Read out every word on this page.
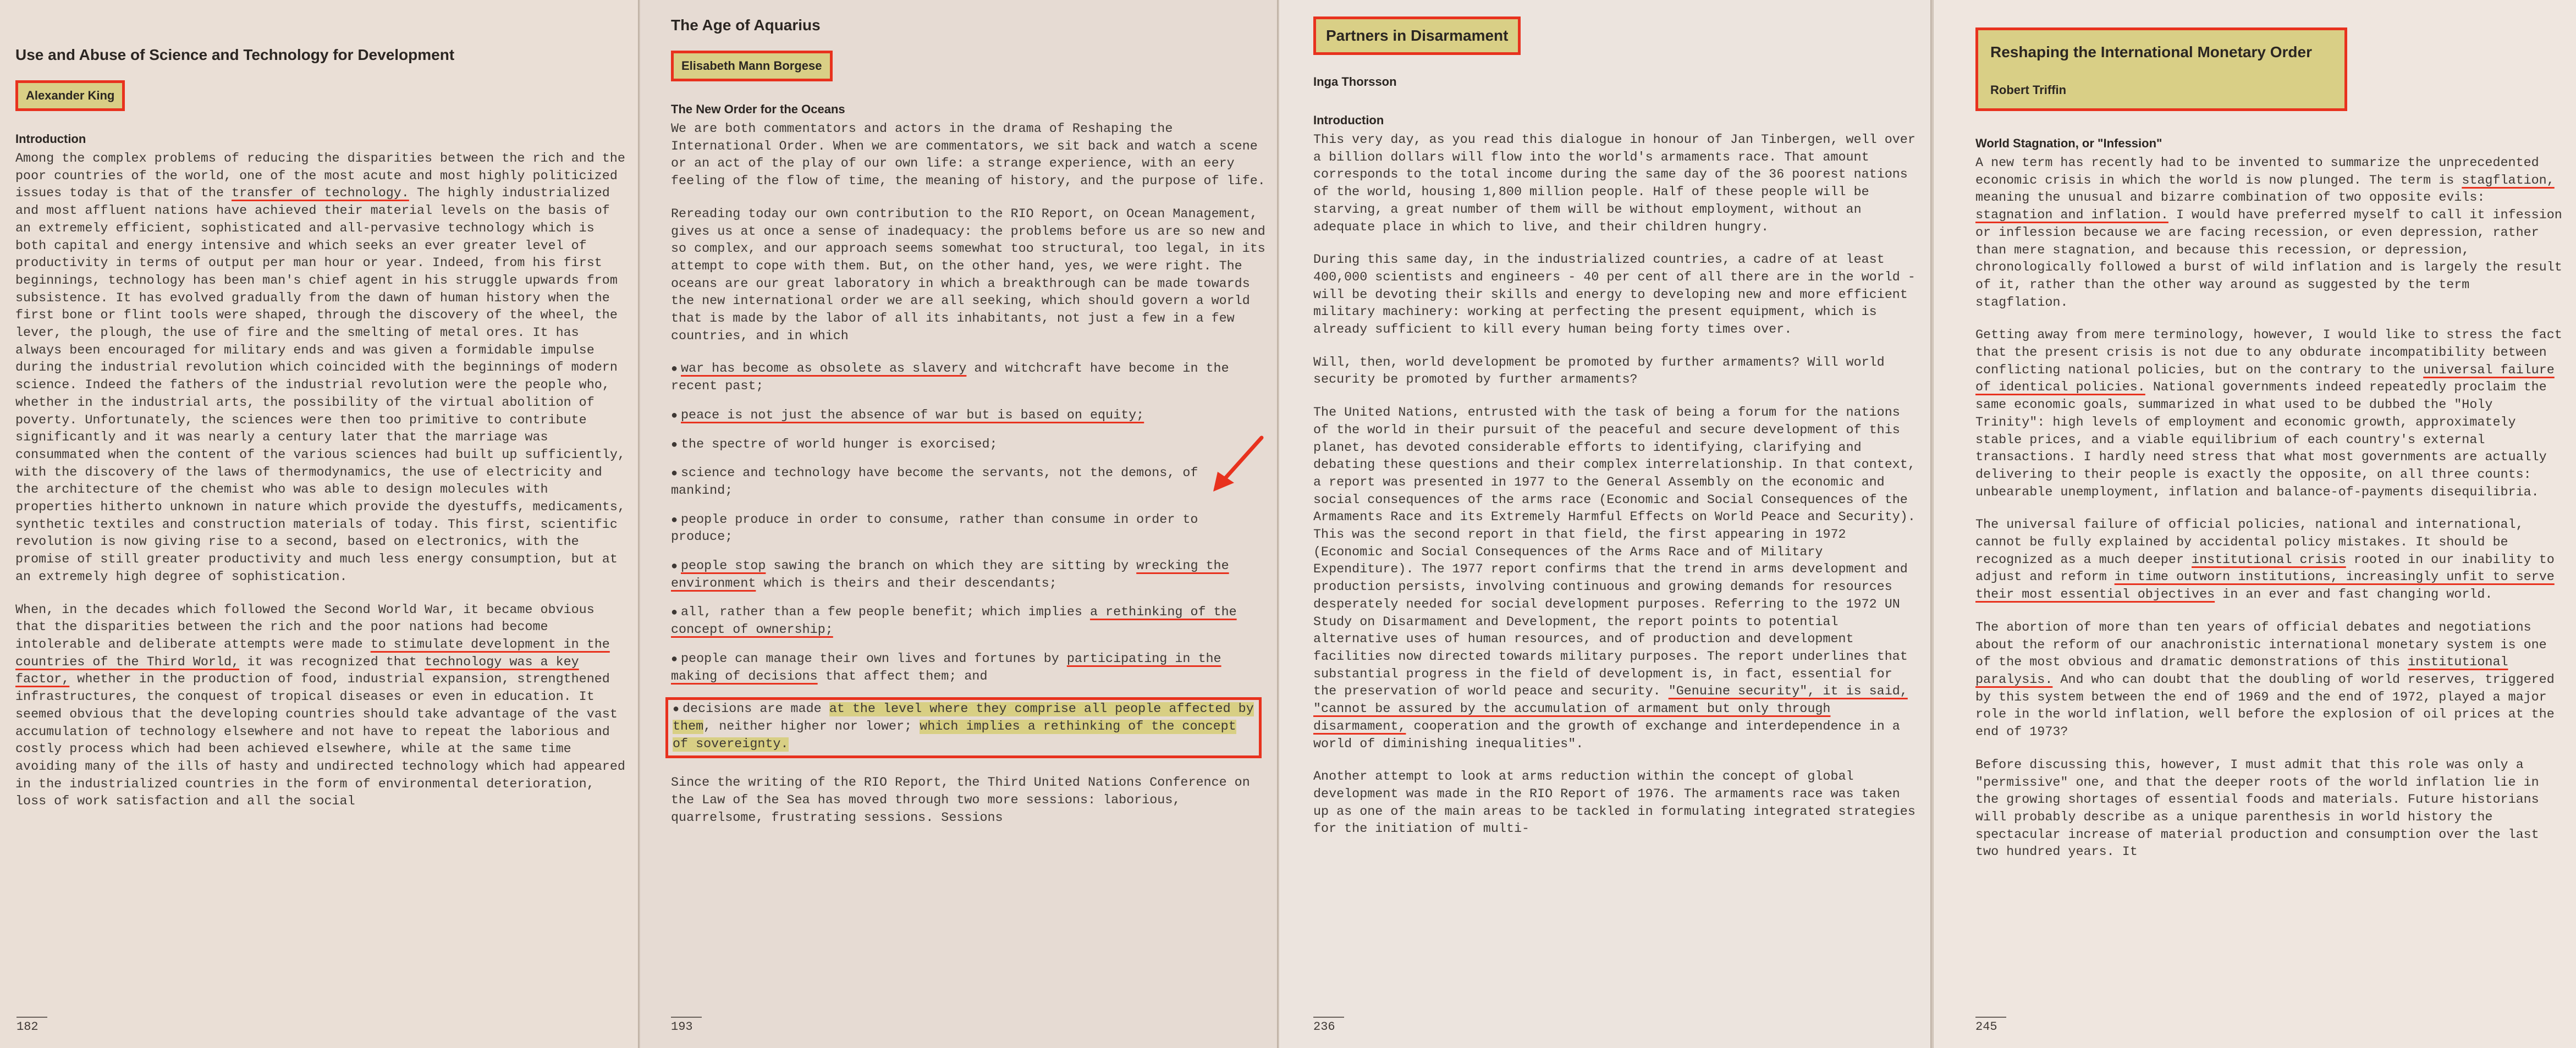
Use and Abuse of Science and Technology for Development
Alexander King
Introduction
Among the complex problems of reducing the disparities between the rich and the poor countries of the world, one of the most acute and most highly politicized issues today is that of the transfer of technology. The highly industrialized and most affluent nations have achieved their material levels on the basis of an extremely efficient, sophisticated and all-pervasive technology which is both capital and energy intensive and which seeks an ever greater level of productivity in terms of output per man hour or year. Indeed, from his first beginnings, technology has been man's chief agent in his struggle upwards from subsistence. It has evolved gradually from the dawn of human history when the first bone or flint tools were shaped, through the discovery of the wheel, the lever, the plough, the use of fire and the smelting of metal ores. It has always been encouraged for military ends and was given a formidable impulse during the industrial revolution which coincided with the beginnings of modern science. Indeed the fathers of the industrial revolution were the people who, whether in the industrial arts, the possibility of the virtual abolition of poverty. Unfortunately, the sciences were then too primitive to contribute significantly and it was nearly a century later that the marriage was consummated when the content of the various sciences had built up sufficiently, with the discovery of the laws of thermodynamics, the use of electricity and the architecture of the chemist who was able to design molecules with properties hitherto unknown in nature which provide the dyestuffs, medicaments, synthetic textiles and construction materials of today. This first, scientific revolution is now giving rise to a second, based on electronics, with the promise of still greater productivity and much less energy consumption, but at an extremely high degree of sophistication.
When, in the decades which followed the Second World War, it became obvious that the disparities between the rich and the poor nations had become intolerable and deliberate attempts were made to stimulate development in the countries of the Third World, it was recognized that technology was a key factor, whether in the production of food, industrial expansion, strengthened infrastructures, the conquest of tropical diseases or even in education. It seemed obvious that the developing countries should take advantage of the vast accumulation of technology elsewhere and not have to repeat the laborious and costly process which had been achieved elsewhere, while at the same time avoiding many of the ills of hasty and undirected technology which had appeared in the industrialized countries in the form of environmental deterioration, loss of work satisfaction and all the social
182
The Age of Aquarius
Elisabeth Mann Borgese
The New Order for the Oceans
We are both commentators and actors in the drama of Reshaping the International Order. When we are commentators, we sit back and watch a scene or an act of the play of our own life: a strange experience, with an eery feeling of the flow of time, the meaning of history, and the purpose of life.
Rereading today our own contribution to the RIO Report, on Ocean Management, gives us at once a sense of inadequacy: the problems before us are so new and so complex, and our approach seems somewhat too structural, too legal, in its attempt to cope with them. But, on the other hand, yes, we were right. The oceans are our great laboratory in which a breakthrough can be made towards the new international order we are all seeking, which should govern a world that is made by the labor of all its inhabitants, not just a few in a few countries, and in which
● war has become as obsolete as slavery and witchcraft have become in the recent past;
● peace is not just the absence of war but is based on equity;
● the spectre of world hunger is exorcised;
● science and technology have become the servants, not the demons, of mankind;
● people produce in order to consume, rather than consume in order to produce;
● people stop sawing the branch on which they are sitting by wrecking the environment which is theirs and their descendants;
● all, rather than a few people benefit; which implies a rethinking of the concept of ownership;
● people can manage their own lives and fortunes by participating in the making of decisions that affect them; and
● decisions are made at the level where they comprise all people affected by them, neither higher nor lower; which implies a rethinking of the concept of sovereignty.
Since the writing of the RIO Report, the Third United Nations Conference on the Law of the Sea has moved through two more sessions: laborious, quarrelsome, frustrating sessions. Sessions
193
Partners in Disarmament
Inga Thorsson
Introduction
This very day, as you read this dialogue in honour of Jan Tinbergen, well over a billion dollars will flow into the world's armaments race. That amount corresponds to the total income during the same day of the 36 poorest nations of the world, housing 1,800 million people. Half of these people will be starving, a great number of them will be without employment, without an adequate place in which to live, and their children hungry.
During this same day, in the industrialized countries, a cadre of at least 400,000 scientists and engineers - 40 per cent of all there are in the world - will be devoting their skills and energy to developing new and more efficient military machinery: working at perfecting the present equipment, which is already sufficient to kill every human being forty times over.
Will, then, world development be promoted by further armaments? Will world security be promoted by further armaments?
The United Nations, entrusted with the task of being a forum for the nations of the world in their pursuit of the peaceful and secure development of this planet, has devoted considerable efforts to identifying, clarifying and debating these questions and their complex interrelationship. In that context, a report was presented in 1977 to the General Assembly on the economic and social consequences of the arms race (Economic and Social Consequences of the Armaments Race and its Extremely Harmful Effects on World Peace and Security). This was the second report in that field, the first appearing in 1972 (Economic and Social Consequences of the Arms Race and of Military Expenditure). The 1977 report confirms that the trend in arms development and production persists, involving continuous and growing demands for resources desperately needed for social development purposes. Referring to the 1972 UN Study on Disarmament and Development, the report points to potential alternative uses of human resources, and of production and development facilities now directed towards military purposes. The report underlines that substantial progress in the field of development is, in fact, essential for the preservation of world peace and security. "Genuine security", it is said, "cannot be assured by the accumulation of armament but only through disarmament, cooperation and the growth of exchange and interdependence in a world of diminishing inequalities".
Another attempt to look at arms reduction within the concept of global development was made in the RIO Report of 1976. The armaments race was taken up as one of the main areas to be tackled in formulating integrated strategies for the initiation of multi-
236
Reshaping the International Monetary Order
Robert Triffin
World Stagnation, or "Infession"
A new term has recently had to be invented to summarize the unprecedented economic crisis in which the world is now plunged. The term is stagflation, meaning the unusual and bizarre combination of two opposite evils: stagnation and inflation. I would have preferred myself to call it infession or inflession because we are facing recession, or even depression, rather than mere stagnation, and because this recession, or depression, chronologically followed a burst of wild inflation and is largely the result of it, rather than the other way around as suggested by the term stagflation.
Getting away from mere terminology, however, I would like to stress the fact that the present crisis is not due to any obdurate incompatibility between conflicting national policies, but on the contrary to the universal failure of identical policies. National governments indeed repeatedly proclaim the same economic goals, summarized in what used to be dubbed the "Holy Trinity": high levels of employment and economic growth, approximately stable prices, and a viable equilibrium of each country's external transactions. I hardly need stress that what most governments are actually delivering to their people is exactly the opposite, on all three counts: unbearable unemployment, inflation and balance-of-payments disequilibria.
The universal failure of official policies, national and international, cannot be fully explained by accidental policy mistakes. It should be recognized as a much deeper institutional crisis rooted in our inability to adjust and reform in time outworn institutions, increasingly unfit to serve their most essential objectives in an ever and fast changing world.
The abortion of more than ten years of official debates and negotiations about the reform of our anachronistic international monetary system is one of the most obvious and dramatic demonstrations of this institutional paralysis. And who can doubt that the doubling of world reserves, triggered by this system between the end of 1969 and the end of 1972, played a major role in the world inflation, well before the explosion of oil prices at the end of 1973?
Before discussing this, however, I must admit that this role was only a "permissive" one, and that the deeper roots of the world inflation lie in the growing shortages of essential foods and materials. Future historians will probably describe as a unique parenthesis in world history the spectacular increase of material production and consumption over the last two hundred years. It
245
